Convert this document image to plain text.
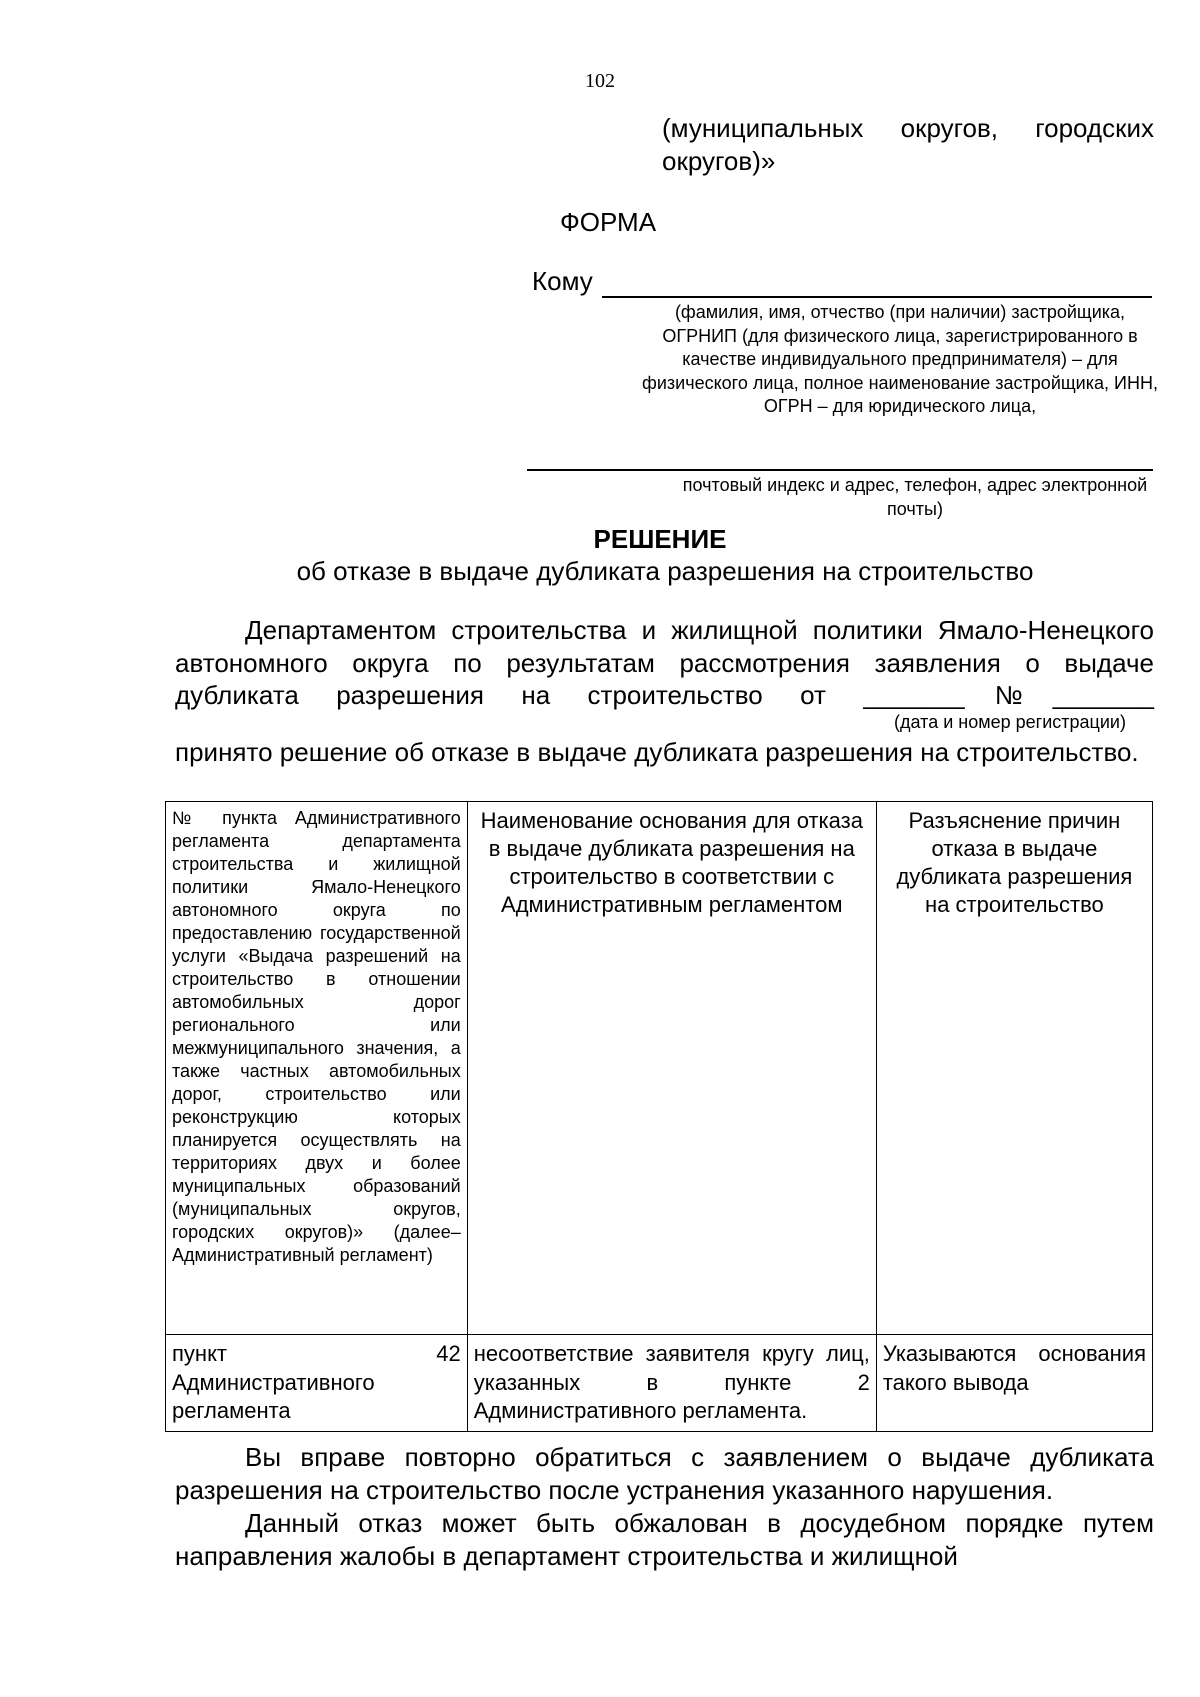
102
(муниципальных округов, городских округов)»
ФОРМА
Кому
(фамилия, имя, отчество (при наличии) застройщика, ОГРНИП (для физического лица, зарегистрированного в качестве индивидуального предпринимателя) – для физического лица, полное наименование застройщика, ИНН, ОГРН – для юридического лица,
почтовый индекс и адрес, телефон, адрес электронной почты)
РЕШЕНИЕ
об отказе в выдаче дубликата разрешения на строительство
Департаментом строительства и жилищной политики Ямало-Ненецкого автономного округа по результатам рассмотрения заявления о выдаче дубликата разрешения на строительство от _______№_______
(дата и номер регистрации)
принято решение об отказе в выдаче дубликата разрешения на строительство.
№ пункта Административного регламента департамента строительства и жилищной политики Ямало-Ненецкого автономного округа по предоставлению государственной услуги «Выдача разрешений на строительство в отношении автомобильных дорог регионального или межмуниципального значения, а также частных автомобильных дорог, строительство или реконструкцию которых планируется осуществлять на территориях двух и более муниципальных образований (муниципальных округов, городских округов)» (далее– Административный регламент)	Наименование основания для отказа в выдаче дубликата разрешения на строительство в соответствии с Административным регламентом	Разъяснение причин отказа в выдаче дубликата разрешения на строительство

пункт 42 Административного регламента	несоответствие заявителя кругу лиц, указанных в пункте 2 Административного регламента.	Указываются основания такого вывода
Вы вправе повторно обратиться с заявлением о выдаче дубликата разрешения на строительство после устранения указанного нарушения.
Данный отказ может быть обжалован в досудебном порядке путем направления жалобы в департамент строительства и жилищной
